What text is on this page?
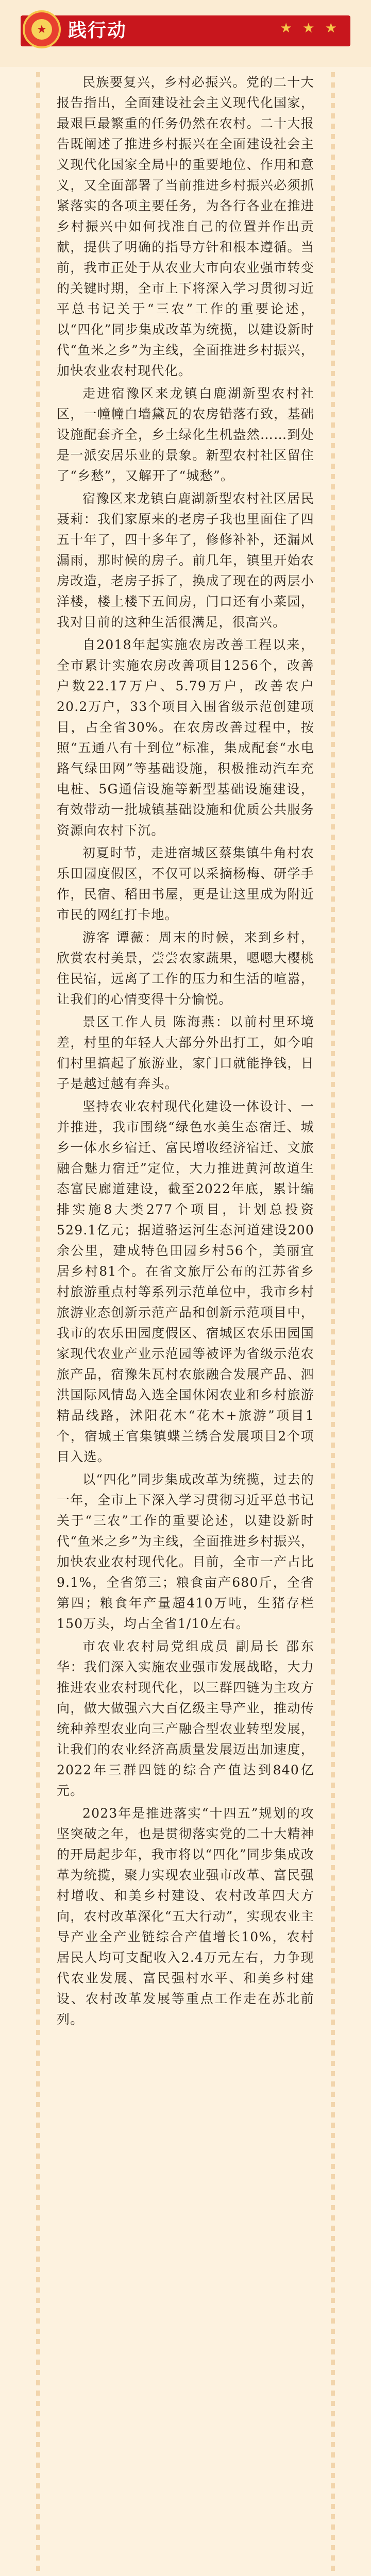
★ 践行动	★ ★ ★

民族要复兴，乡村必振兴。党的二十大报告指出，全面建设社会主义现代化国家，最艰巨最繁重的任务仍然在农村。二十大报告既阐述了推进乡村振兴在全面建设社会主义现代化国家全局中的重要地位、作用和意义，又全面部署了当前推进乡村振兴必须抓紧落实的各项主要任务，为各行各业在推进乡村振兴中如何找准自己的位置并作出贡献，提供了明确的指导方针和根本遵循。当前，我市正处于从农业大市向农业强市转变的关键时期，全市上下将深入学习贯彻习近平总书记关于“三农”工作的重要论述，以“四化”同步集成改革为统揽，以建设新时代“鱼米之乡”为主线，全面推进乡村振兴，加快农业农村现代化。

走进宿豫区来龙镇白鹿湖新型农村社区，一幢幢白墙黛瓦的农房错落有致，基础设施配套齐全，乡土绿化生机盎然……到处是一派安居乐业的景象。新型农村社区留住了“乡愁”，又解开了“城愁”。

宿豫区来龙镇白鹿湖新型农村社区居民 聂莉：我们家原来的老房子我也里面住了四五十年了，四十多年了，修修补补，还漏风漏雨，那时候的房子。前几年，镇里开始农房改造，老房子拆了，换成了现在的两层小洋楼，楼上楼下五间房，门口还有小菜园，我对目前的这种生活很满足，很高兴。

自2018年起实施农房改善工程以来，全市累计实施农房改善项目1256个，改善户数22.17万户、5.79万户，改善农户20.2万户，33个项目入围省级示范创建项目，占全省30%。在农房改善过程中，按照“五通八有十到位”标准，集成配套“水电路气绿田网”等基础设施，积极推动汽车充电桩、5G通信设施等新型基础设施建设，有效带动一批城镇基础设施和优质公共服务资源向农村下沉。

初夏时节，走进宿城区蔡集镇牛角村农乐田园度假区，不仅可以采摘杨梅、研学手作，民宿、稻田书屋，更是让这里成为附近市民的网红打卡地。

游客 谭薇：周末的时候，来到乡村，欣赏农村美景，尝尝农家蔬果，嗯嗯大樱桃住民宿，远离了工作的压力和生活的喧嚣，让我们的心情变得十分愉悦。

景区工作人员 陈海燕：以前村里环境差，村里的年轻人大部分外出打工，如今咱们村里搞起了旅游业，家门口就能挣钱，日子是越过越有奔头。

坚持农业农村现代化建设一体设计、一并推进，我市围绕“绿色水美生态宿迁、城乡一体水乡宿迁、富民增收经济宿迁、文旅融合魅力宿迁”定位，大力推进黄河故道生态富民廊道建设，截至2022年底，累计编排实施8大类277个项目，计划总投资529.1亿元；据道骆运河生态河道建设200余公里，建成特色田园乡村56个，美丽宜居乡村81个。在省文旅厅公布的江苏省乡村旅游重点村等系列示范单位中，我市乡村旅游业态创新示范产品和创新示范项目中，我市的农乐田园度假区、宿城区农乐田园国家现代农业产业示范园等被评为省级示范农旅产品，宿豫朱瓦村农旅融合发展产品、泗洪国际风情岛入选全国休闲农业和乡村旅游精品线路，沭阳花木“花木+旅游”项目1个，宿城王官集镇蝶兰绣合发展项目2个项目入选。

以“四化”同步集成改革为统揽，过去的一年，全市上下深入学习贯彻习近平总书记关于“三农”工作的重要论述，以建设新时代“鱼米之乡”为主线，全面推进乡村振兴，加快农业农村现代化。目前，全市一产占比9.1%，全省第三；粮食亩产680斤，全省第四；粮食年产量超410万吨，生猪存栏150万头，均占全省1/10左右。

市农业农村局党组成员 副局长 邵东华：我们深入实施农业强市发展战略，大力推进农业农村现代化，以三群四链为主攻方向，做大做强六大百亿级主导产业，推动传统种养型农业向三产融合型农业转型发展，让我们的农业经济高质量发展迈出加速度，2022年三群四链的综合产值达到840亿元。

2023年是推进落实“十四五”规划的攻坚突破之年，也是贯彻落实党的二十大精神的开局起步年，我市将以“四化”同步集成改革为统揽，聚力实现农业强市改革、富民强村增收、和美乡村建设、农村改革四大方向，农村改革深化“五大行动”，实现农业主导产业全产业链综合产值增长10%，农村居民人均可支配收入2.4万元左右，力争现代农业发展、富民强村水平、和美乡村建设、农村改革发展等重点工作走在苏北前列。
